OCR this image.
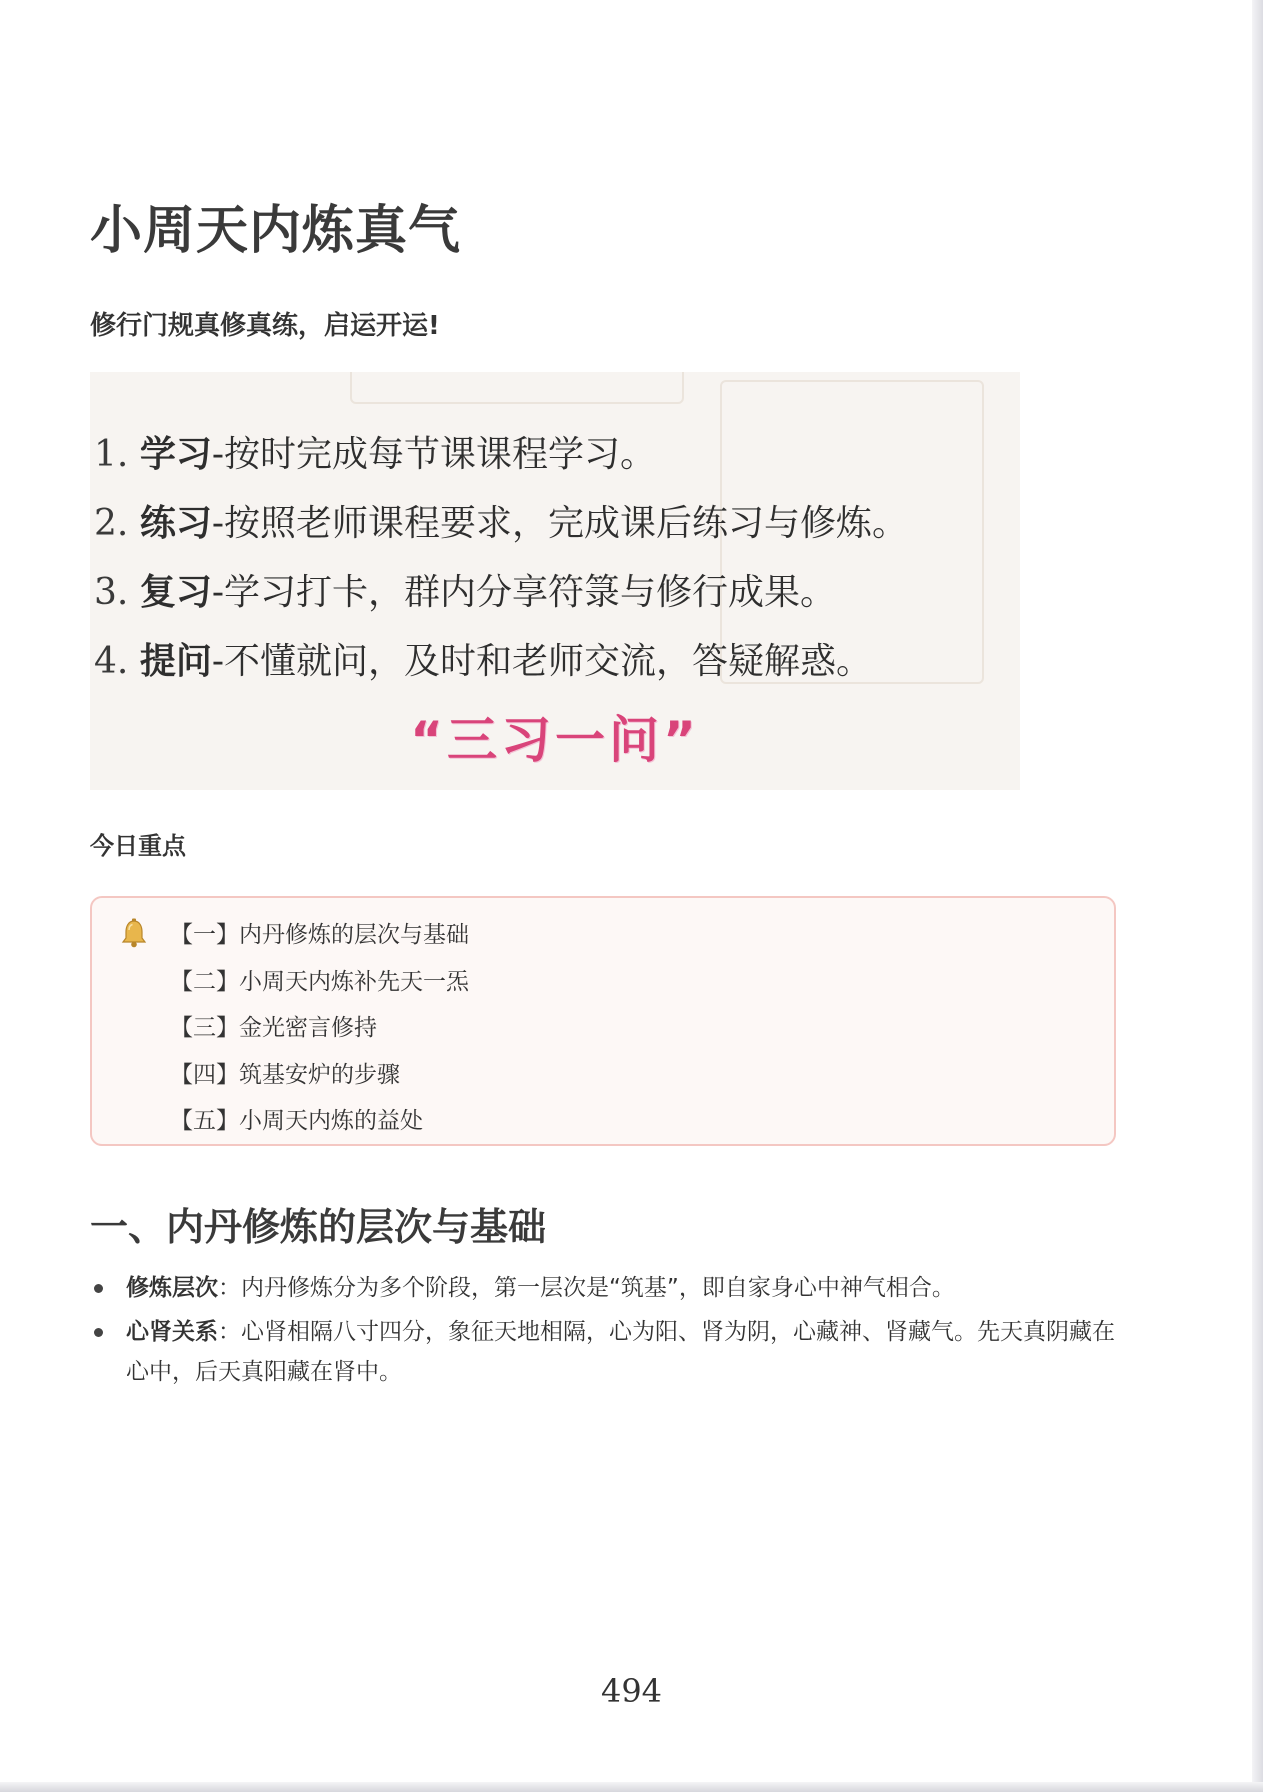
小周天内炼真气

修行门规真修真练，启运开运!

1. 学习-按时完成每节课课程学习。
2. 练习-按照老师课程要求，完成课后练习与修炼。
3. 复习-学习打卡，群内分享符箓与修行成果。
4. 提问-不懂就问，及时和老师交流，答疑解惑。
“三习一问”

今日重点

【一】内丹修炼的层次与基础
【二】小周天内炼补先天一炁
【三】金光密言修持
【四】筑基安炉的步骤
【五】小周天内炼的益处
一、内丹修炼的层次与基础
修炼层次：内丹修炼分为多个阶段，第一层次是“筑基”，即自家身心中神气相合。
心肾关系：心肾相隔八寸四分，象征天地相隔，心为阳、肾为阴，心藏神、肾藏气。先天真阴藏在心中，后天真阳藏在肾中。
494
